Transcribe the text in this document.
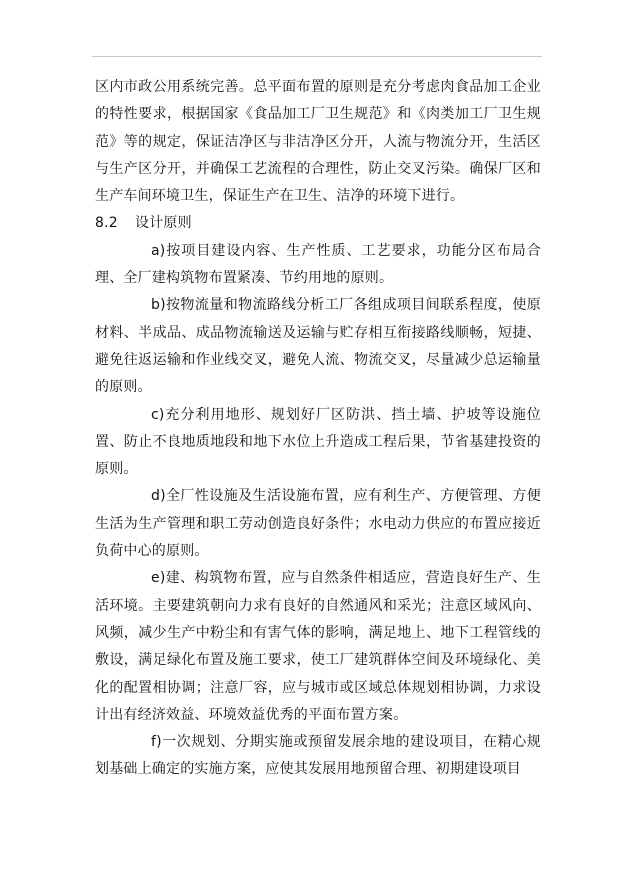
区内市政公用系统完善。总平面布置的原则是充分考虑肉食品加工企业的特性要求，根据国家《食品加工厂卫生规范》和《肉类加工厂卫生规范》等的规定，保证洁净区与非洁净区分开，人流与物流分开，生活区与生产区分开，并确保工艺流程的合理性，防止交叉污染。确保厂区和生产车间环境卫生，保证生产在卫生、洁净的环境下进行。

8.2 设计原则

a)按项目建设内容、生产性质、工艺要求，功能分区布局合理、全厂建构筑物布置紧凑、节约用地的原则。

b)按物流量和物流路线分析工厂各组成项目间联系程度，使原材料、半成品、成品物流输送及运输与贮存相互衔接路线顺畅，短捷、避免往返运输和作业线交叉，避免人流、物流交叉，尽量减少总运输量的原则。

c)充分利用地形、规划好厂区防洪、挡土墙、护坡等设施位置、防止不良地质地段和地下水位上升造成工程后果，节省基建投资的原则。

d)全厂性设施及生活设施布置，应有利生产、方便管理、方便生活为生产管理和职工劳动创造良好条件；水电动力供应的布置应接近负荷中心的原则。

e)建、构筑物布置，应与自然条件相适应，营造良好生产、生活环境。主要建筑朝向力求有良好的自然通风和采光；注意区域风向、风频，减少生产中粉尘和有害气体的影响，满足地上、地下工程管线的敷设，满足绿化布置及施工要求，使工厂建筑群体空间及环境绿化、美化的配置相协调；注意厂容，应与城市或区域总体规划相协调，力求设计出有经济效益、环境效益优秀的平面布置方案。

f)一次规划、分期实施或预留发展余地的建设项目，在精心规划基础上确定的实施方案，应使其发展用地预留合理、初期建设项目
